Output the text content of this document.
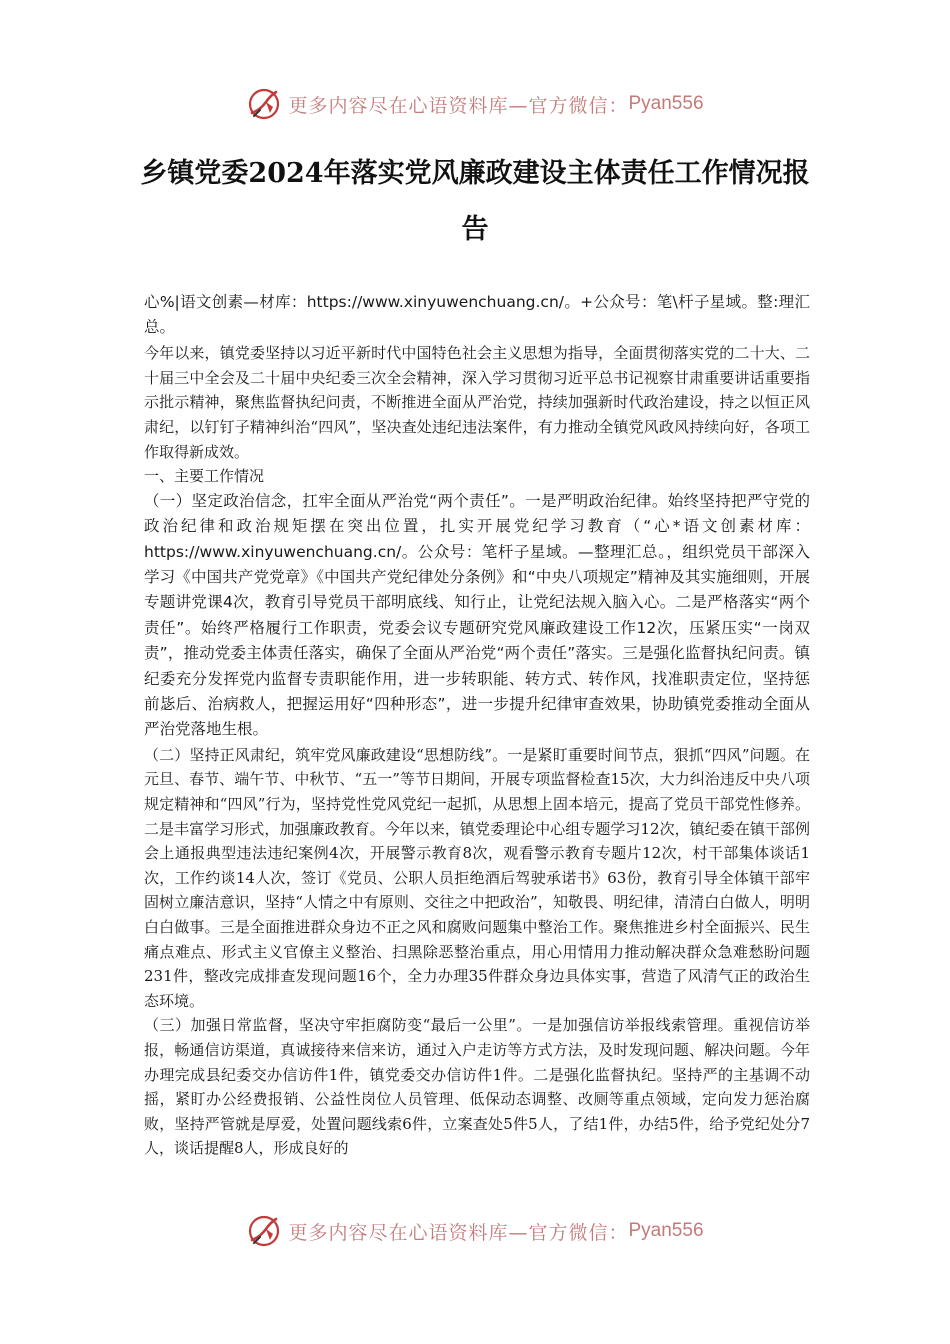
更多内容尽在心语资料库—官方微信： Pyan556
乡镇党委2024年落实党风廉政建设主体责任工作情况报告

心%|语文创素—材库：https://www.xinyuwenchuang.cn/。+公众号：笔\杆子星域。整:理汇总。

今年以来，镇党委坚持以习近平新时代中国特色社会主义思想为指导，全面贯彻落实党的二十大、二十届三中全会及二十届中央纪委三次全会精神，深入学习贯彻习近平总书记视察甘肃重要讲话重要指示批示精神，聚焦监督执纪问责，不断推进全面从严治党，持续加强新时代政治建设，持之以恒正风肃纪，以钉钉子精神纠治“四风”，坚决查处违纪违法案件，有力推动全镇党风政风持续向好，各项工作取得新成效。

一、主要工作情况

（一）坚定政治信念，扛牢全面从严治党“两个责任”。一是严明政治纪律。始终坚持把严守党的政治纪律和政治规矩摆在突出位置，扎实开展党纪学习教育（“心*语文创素材库：https://www.xinyuwenchuang.cn/。公众号：笔杆子星域。—整理汇总。，组织党员干部深入学习《中国共产党党章》《中国共产党纪律处分条例》和“中央八项规定”精神及其实施细则，开展专题讲党课4次，教育引导党员干部明底线、知行止，让党纪法规入脑入心。二是严格落实“两个责任”。始终严格履行工作职责，党委会议专题研究党风廉政建设工作12次，压紧压实“一岗双责”，推动党委主体责任落实，确保了全面从严治党“两个责任”落实。三是强化监督执纪问责。镇纪委充分发挥党内监督专责职能作用，进一步转职能、转方式、转作风，找准职责定位，坚持惩前毖后、治病救人，把握运用好“四种形态”，进一步提升纪律审查效果，协助镇党委推动全面从严治党落地生根。

（二）坚持正风肃纪，筑牢党风廉政建设“思想防线”。一是紧盯重要时间节点，狠抓“四风”问题。在元旦、春节、端午节、中秋节、“五一”等节日期间，开展专项监督检查15次，大力纠治违反中央八项规定精神和“四风”行为，坚持党性党风党纪一起抓，从思想上固本培元，提高了党员干部党性修养。二是丰富学习形式，加强廉政教育。今年以来，镇党委理论中心组专题学习12次，镇纪委在镇干部例会上通报典型违法违纪案例4次，开展警示教育8次，观看警示教育专题片12次，村干部集体谈话1次，工作约谈14人次，签订《党员、公职人员拒绝酒后驾驶承诺书》63份，教育引导全体镇干部牢固树立廉洁意识，坚持“人情之中有原则、交往之中把政治”，知敬畏、明纪律，清清白白做人，明明白白做事。三是全面推进群众身边不正之风和腐败问题集中整治工作。聚焦推进乡村全面振兴、民生痛点难点、形式主义官僚主义整治、扫黑除恶整治重点，用心用情用力推动解决群众急难愁盼问题231件，整改完成排查发现问题16个，全力办理35件群众身边具体实事，营造了风清气正的政治生态环境。

（三）加强日常监督，坚决守牢拒腐防变“最后一公里”。一是加强信访举报线索管理。重视信访举报，畅通信访渠道，真诚接待来信来访，通过入户走访等方式方法，及时发现问题、解决问题。今年办理完成县纪委交办信访件1件，镇党委交办信访件1件。二是强化监督执纪。坚持严的主基调不动摇，紧盯办公经费报销、公益性岗位人员管理、低保动态调整、改厕等重点领域，定向发力惩治腐败，坚持严管就是厚爱，处置问题线索6件，立案查处5件5人，了结1件，办结5件，给予党纪处分7人，谈话提醒8人，形成良好的

更多内容尽在心语资料库—官方微信： Pyan556
